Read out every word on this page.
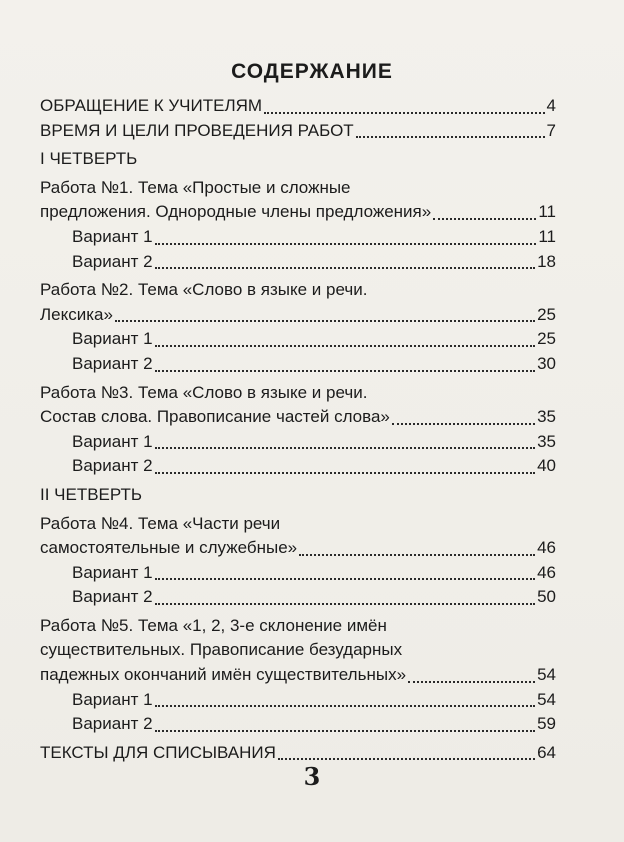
СОДЕРЖАНИЕ
ОБРАЩЕНИЕ К УЧИТЕЛЯМ	4
ВРЕМЯ И ЦЕЛИ ПРОВЕДЕНИЯ РАБОТ	7
I ЧЕТВЕРТЬ
Работа №1. Тема «Простые и сложные
предложения. Однородные члены предложения»	11
Вариант 1	11
Вариант 2	18
Работа №2. Тема «Слово в языке и речи.
Лексика»	25
Вариант 1	25
Вариант 2	30
Работа №3. Тема «Слово в языке и речи.
Состав слова. Правописание частей слова»	35
Вариант 1	35
Вариант 2	40
II ЧЕТВЕРТЬ
Работа №4. Тема «Части речи
самостоятельные и служебные»	46
Вариант 1	46
Вариант 2	50
Работа №5. Тема «1, 2, 3-е склонение имён
существительных. Правописание безударных
падежных окончаний имён существительных»	54
Вариант 1	54
Вариант 2	59
ТЕКСТЫ ДЛЯ СПИСЫВАНИЯ	64
3
